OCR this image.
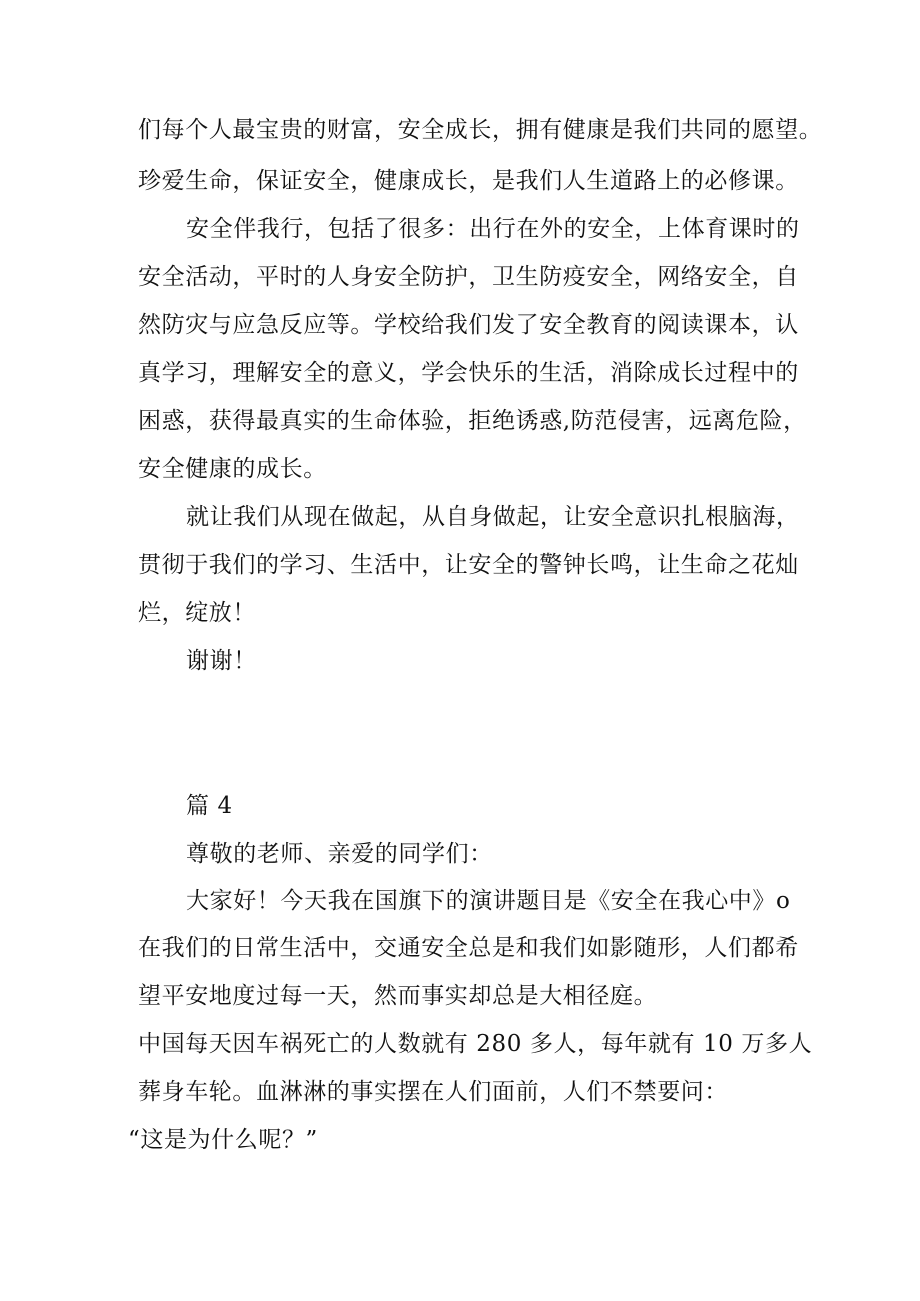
们每个人最宝贵的财富，安全成长，拥有健康是我们共同的愿望。
珍爱生命，保证安全，健康成长，是我们人生道路上的必修课。
安全伴我行，包括了很多：出行在外的安全，上体育课时的
安全活动，平时的人身安全防护，卫生防疫安全，网络安全，自
然防灾与应急反应等。学校给我们发了安全教育的阅读课本，认
真学习，理解安全的意义，学会快乐的生活，消除成长过程中的
困惑，获得最真实的生命体验，拒绝诱惑,防范侵害，远离危险，
安全健康的成长。
就让我们从现在做起，从自身做起，让安全意识扎根脑海，
贯彻于我们的学习、生活中，让安全的警钟长鸣，让生命之花灿
烂，绽放！
谢谢！
篇 4
尊敬的老师、亲爱的同学们：
大家好！今天我在国旗下的演讲题目是《安全在我心中》o
在我们的日常生活中，交通安全总是和我们如影随形，人们都希
望平安地度过每一天，然而事实却总是大相径庭。
中国每天因车祸死亡的人数就有 280 多人，每年就有 10 万多人
葬身车轮。血淋淋的事实摆在人们面前，人们不禁要问：
“这是为什么呢？”
